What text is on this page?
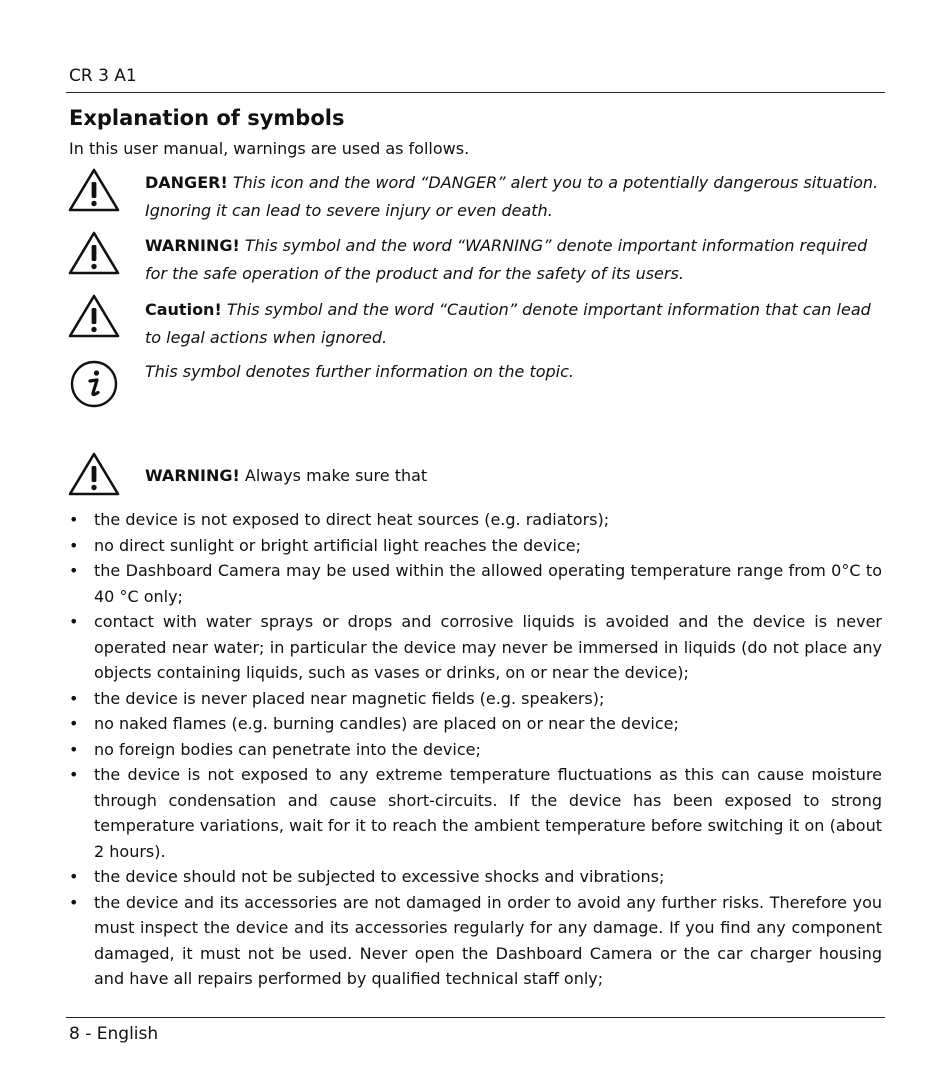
CR 3 A1
Explanation of symbols
In this user manual, warnings are used as follows.
DANGER! This icon and the word “DANGER” alert you to a potentially dangerous situation. Ignoring it can lead to severe injury or even death.
WARNING! This symbol and the word “WARNING” denote important information required for the safe operation of the product and for the safety of its users.
Caution! This symbol and the word “Caution” denote important information that can lead to legal actions when ignored.
This symbol denotes further information on the topic.
WARNING! Always make sure that
• the device is not exposed to direct heat sources (e.g. radiators);
• no direct sunlight or bright artificial light reaches the device;
• the Dashboard Camera may be used within the allowed operating temperature range from 0°C to 40 °C only;
• contact with water sprays or drops and corrosive liquids is avoided and the device is never operated near water; in particular the device may never be immersed in liquids (do not place any objects containing liquids, such as vases or drinks, on or near the device);
• the device is never placed near magnetic fields (e.g. speakers);
• no naked flames (e.g. burning candles) are placed on or near the device;
• no foreign bodies can penetrate into the device;
• the device is not exposed to any extreme temperature fluctuations as this can cause moisture through condensation and cause short-circuits. If the device has been exposed to strong temperature variations, wait for it to reach the ambient temperature before switching it on (about 2 hours).
• the device should not be subjected to excessive shocks and vibrations;
• the device and its accessories are not damaged in order to avoid any further risks. Therefore you must inspect the device and its accessories regularly for any damage. If you find any component damaged, it must not be used. Never open the Dashboard Camera or the car charger housing and have all repairs performed by qualified technical staff only;
8 - English
